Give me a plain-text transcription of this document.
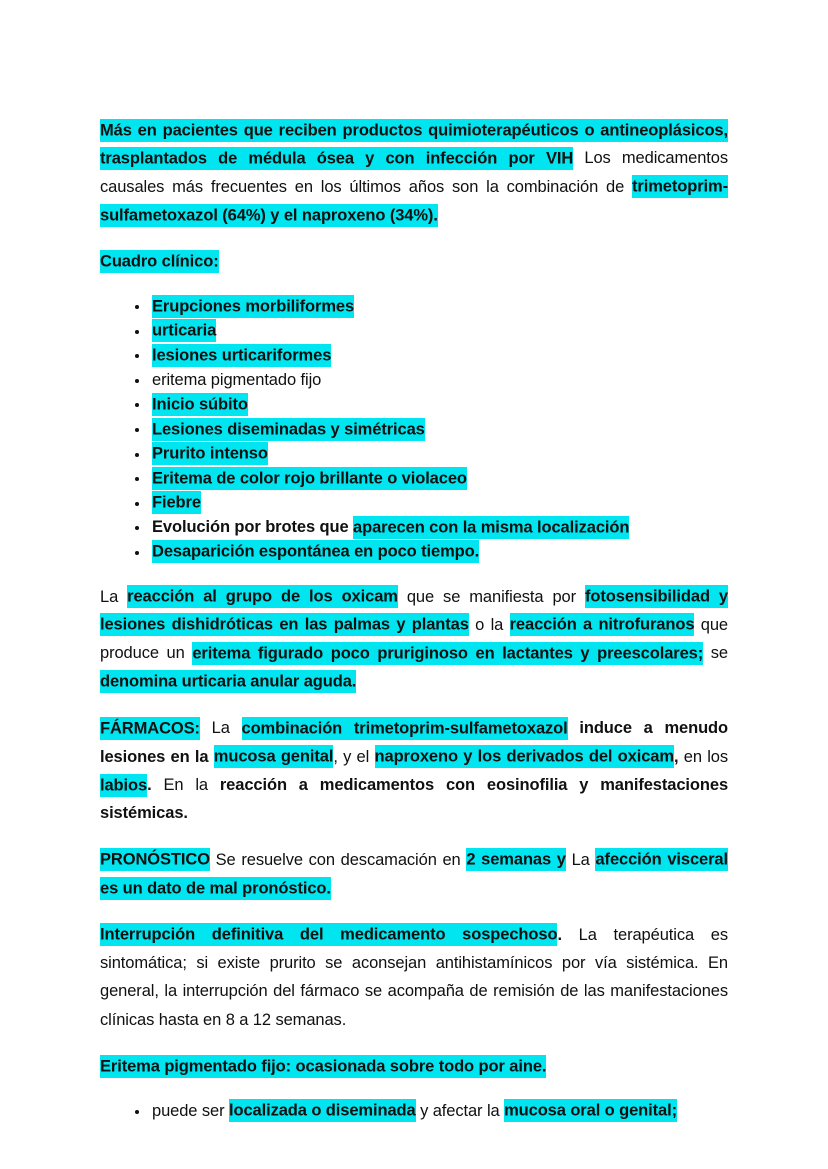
Más en pacientes que reciben productos quimioterapéuticos o antineoplásicos, trasplantados de médula ósea y con infección por VIH Los medicamentos causales más frecuentes en los últimos años son la combinación de trimetoprim-sulfametoxazol (64%) y el naproxeno (34%).

Cuadro clínico:

• Erupciones morbiliformes
• urticaria
• lesiones urticariformes
• eritema pigmentado fijo
• Inicio súbito
• Lesiones diseminadas y simétricas
• Prurito intenso
• Eritema de color rojo brillante o violaceo
• Fiebre
• Evolución por brotes que aparecen con la misma localización
• Desaparición espontánea en poco tiempo.

La reacción al grupo de los oxicam que se manifiesta por fotosensibilidad y lesiones dishidróticas en las palmas y plantas o la reacción a nitrofuranos que produce un eritema figurado poco pruriginoso en lactantes y preescolares; se denomina urticaria anular aguda.

FÁRMACOS: La combinación trimetoprim-sulfametoxazol induce a menudo lesiones en la mucosa genital, y el naproxeno y los derivados del oxicam, en los labios. En la reacción a medicamentos con eosinofilia y manifestaciones sistémicas.

PRONÓSTICO Se resuelve con descamación en 2 semanas y La afección visceral es un dato de mal pronóstico.

Interrupción definitiva del medicamento sospechoso. La terapéutica es sintomática; si existe prurito se aconsejan antihistamínicos por vía sistémica. En general, la interrupción del fármaco se acompaña de remisión de las manifestaciones clínicas hasta en 8 a 12 semanas.

Eritema pigmentado fijo: ocasionada sobre todo por aine.

• puede ser localizada o diseminada y afectar la mucosa oral o genital;
